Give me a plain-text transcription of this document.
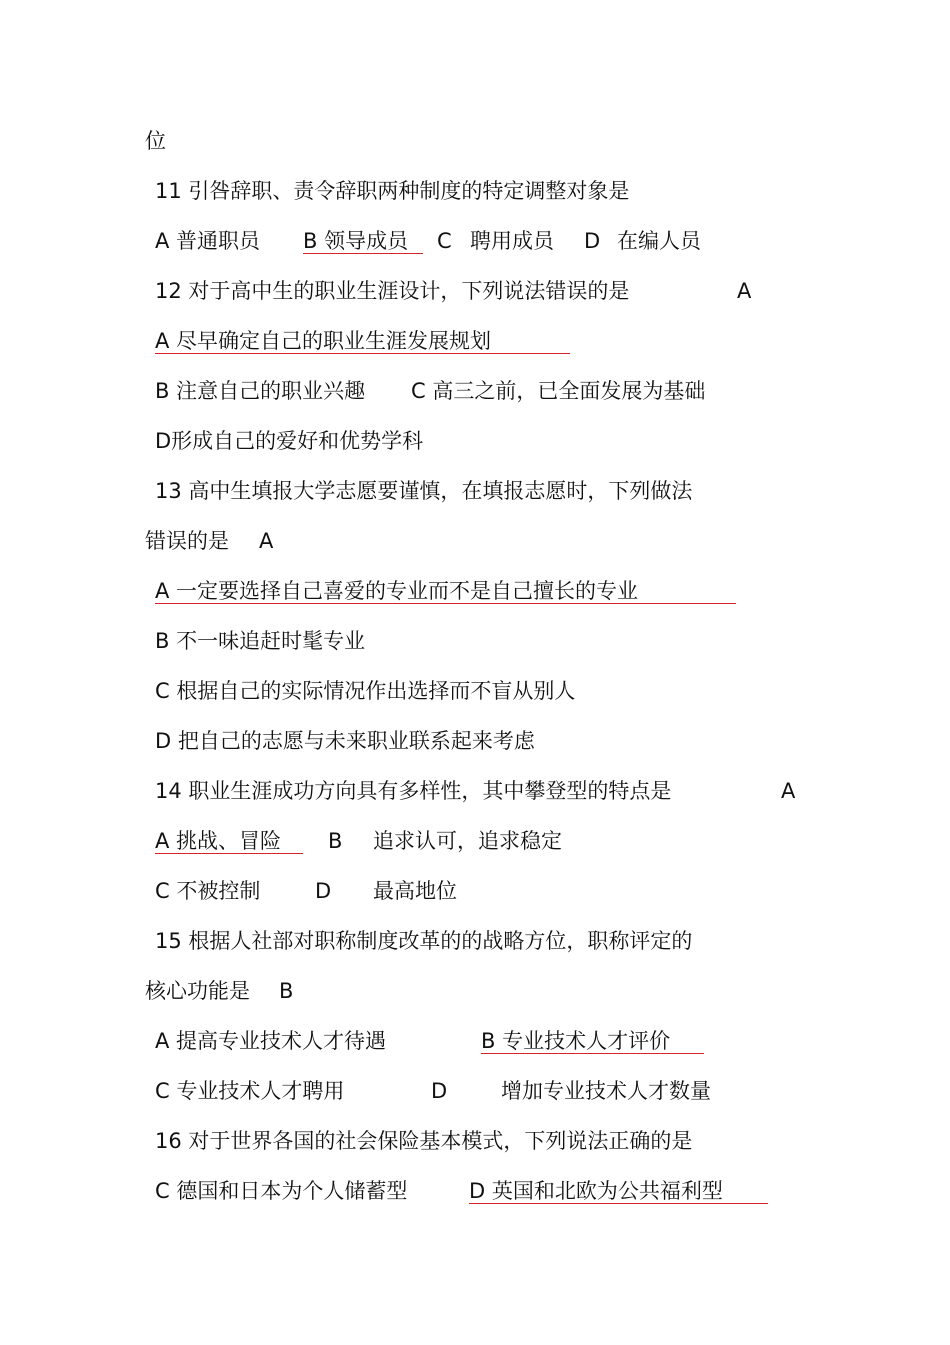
位
11 引咎辞职、责令辞职两种制度的特定调整对象是
A 普通职员 B 领导成员 C 聘用成员 D 在编人员
12 对于高中生的职业生涯设计，下列说法错误的是	A
A 尽早确定自己的职业生涯发展规划
B 注意自己的职业兴趣 C 高三之前，已全面发展为基础
D形成自己的爱好和优势学科
13 高中生填报大学志愿要谨慎，在填报志愿时，下列做法
错误的是 A
A 一定要选择自己喜爱的专业而不是自己擅长的专业
B 不一味追赶时髦专业
C 根据自己的实际情况作出选择而不盲从别人
D 把自己的志愿与未来职业联系起来考虑
14 职业生涯成功方向具有多样性，其中攀登型的特点是	A
A 挑战、冒险 B 追求认可，追求稳定
C 不被控制	D 最高地位
15 根据人社部对职称制度改革的的战略方位，职称评定的
核心功能是 B
A 提高专业技术人才待遇	B 专业技术人才评价
C 专业技术人才聘用	D	增加专业技术人才数量
16 对于世界各国的社会保险基本模式，下列说法正确的是
C 德国和日本为个人储蓄型	D 英国和北欧为公共福利型
